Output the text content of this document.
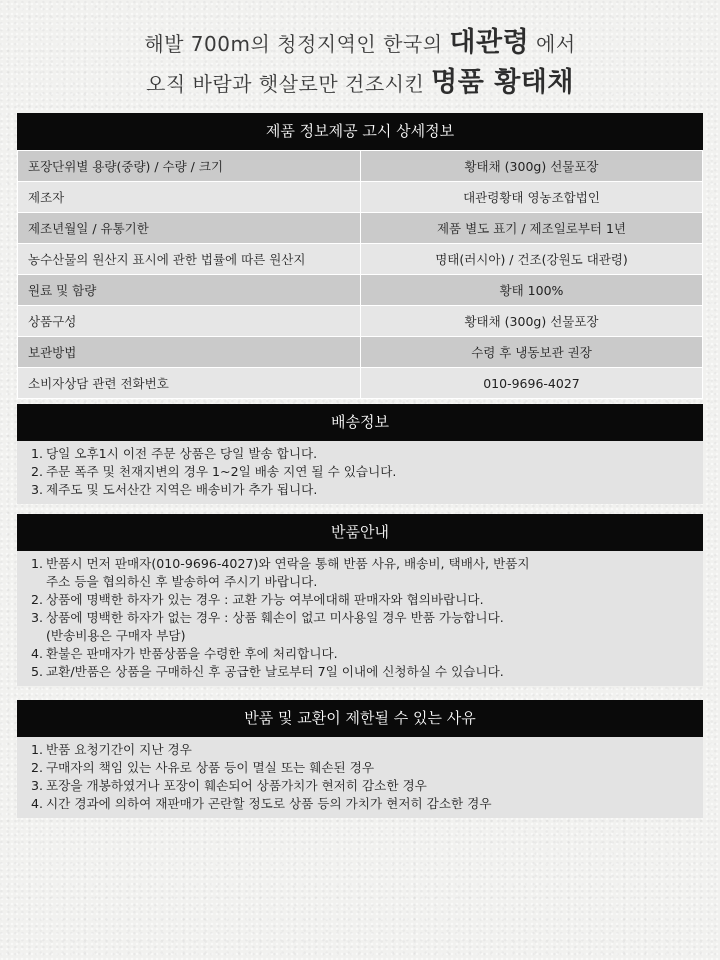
해발 700m의 청정지역인 한국의 대관령 에서
오직 바람과 햇살로만 건조시킨 명품 황태채
제품 정보제공 고시 상세정보
포장단위별 용량(중량) / 수량 / 크기	황태채 (300g) 선물포장
제조자	대관령황태 영농조합법인
제조년월일 / 유통기한	제품 별도 표기 / 제조일로부터 1년
농수산물의 원산지 표시에 관한 법률에 따른 원산지	명태(러시아) / 건조(강원도 대관령)
원료 및 함량	황태 100%
상품구성	황태채 (300g) 선물포장
보관방법	수령 후 냉동보관 권장
소비자상담 관련 전화번호	010-9696-4027
배송정보
1. 당일 오후1시 이전 주문 상품은 당일 발송 합니다.
2. 주문 폭주 및 천재지변의 경우 1~2일 배송 지연 될 수 있습니다.
3. 제주도 및 도서산간 지역은 배송비가 추가 됩니다.
반품안내
1. 반품시 먼저 판매자(010-9696-4027)와 연락을 통해 반품 사유, 배송비, 택배사, 반품지
주소 등을 협의하신 후 발송하여 주시기 바랍니다.
2. 상품에 명백한 하자가 있는 경우 : 교환 가능 여부에대해 판매자와 협의바랍니다.
3. 상품에 명백한 하자가 없는 경우 : 상품 훼손이 없고 미사용일 경우 반품 가능합니다.
(반송비용은 구매자 부담)
4. 환불은 판매자가 반품상품을 수령한 후에 처리합니다.
5. 교환/반품은 상품을 구매하신 후 공급한 날로부터 7일 이내에 신청하실 수 있습니다.
반품 및 교환이 제한될 수 있는 사유
1. 반품 요청기간이 지난 경우
2. 구매자의 책임 있는 사유로 상품 등이 멸실 또는 훼손된 경우
3. 포장을 개봉하였거나 포장이 훼손되어 상품가치가 현저히 감소한 경우
4. 시간 경과에 의하여 재판매가 곤란할 정도로 상품 등의 가치가 현저히 감소한 경우
